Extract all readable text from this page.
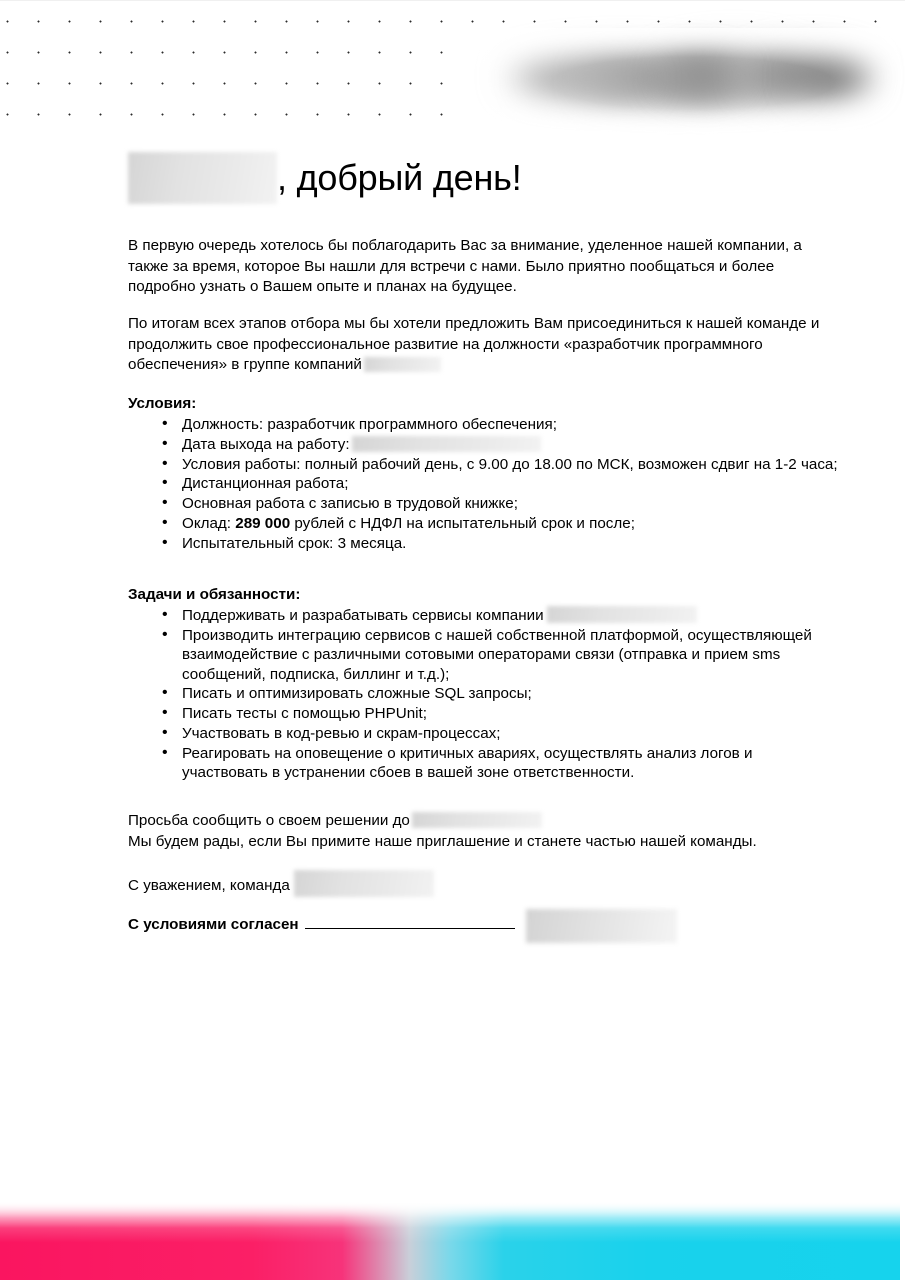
, добрый день!

В первую очередь хотелось бы поблагодарить Вас за внимание, уделенное нашей компании, а также за время, которое Вы нашли для встречи с нами. Было приятно пообщаться и более подробно узнать о Вашем опыте и планах на будущее.

По итогам всех этапов отбора мы бы хотели предложить Вам присоединиться к нашей команде и продолжить свое профессиональное развитие на должности «разработчик программного обеспечения» в группе компаний

Условия:
• Должность: разработчик программного обеспечения;
• Дата выхода на работу:
• Условия работы: полный рабочий день, с 9.00 до 18.00 по МСК, возможен сдвиг на 1-2 часа;
• Дистанционная работа;
• Основная работа с записью в трудовой книжке;
• Оклад: 289 000 рублей с НДФЛ на испытательный срок и после;
• Испытательный срок: 3 месяца.
Задачи и обязанности:
• Поддерживать и разрабатывать сервисы компании
• Производить интеграцию сервисов с нашей собственной платформой, осуществляющей взаимодействие с различными сотовыми операторами связи (отправка и прием sms сообщений, подписка, биллинг и т.д.);
• Писать и оптимизировать сложные SQL запросы;
• Писать тесты с помощью PHPUnit;
• Участвовать в код-ревью и скрам-процессах;
• Реагировать на оповещение о критичных авариях, осуществлять анализ логов и участвовать в устранении сбоев в вашей зоне ответственности.

Просьба сообщить о своем решении до
Мы будем рады, если Вы примите наше приглашение и станете частью нашей команды.

С уважением, команда

С условиями согласен
